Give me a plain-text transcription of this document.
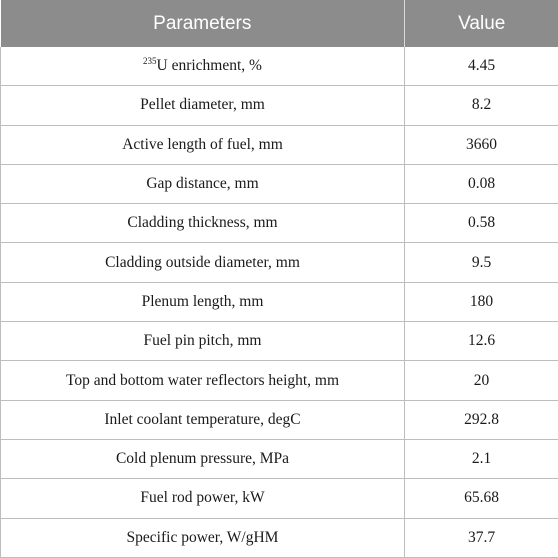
Parameters	Value
$^{235}$U enrichment, %	4.45
Pellet diameter, mm	8.2
Active length of fuel, mm	3660
Gap distance, mm	0.08
Cladding thickness, mm	0.58
Cladding outside diameter, mm	9.5
Plenum length, mm	180
Fuel pin pitch, mm	12.6
Top and bottom water reflectors height, mm	20
Inlet coolant temperature, degC	292.8
Cold plenum pressure, MPa	2.1
Fuel rod power, kW	65.68
Specific power, W/gHM	37.7
